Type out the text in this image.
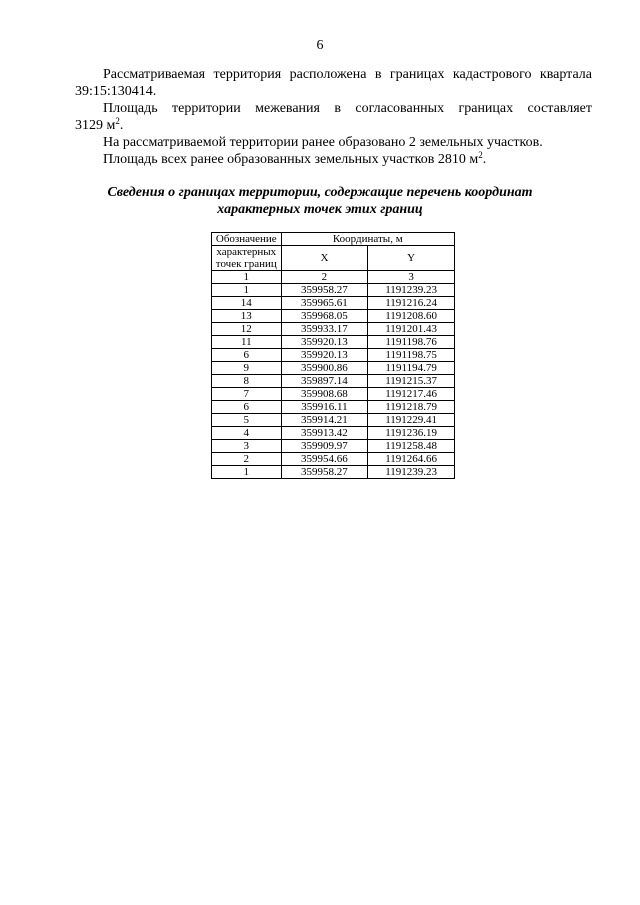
6

Рассматриваемая территория расположена в границах кадастрового квартала

39:15:130414.

Площадь территории межевания в согласованных границах составляет

3129 $м^2$.

На рассматриваемой территории ранее образовано 2 земельных участков.

Площадь всех ранее образованных земельных участков 2810 $м^2$.

Сведения о границах территории, содержащие перечень координат
характерных точек этих границ
Обозначение	Координаты, м	

характерных
точек границ	X	Y
1	2	3
1	359958.27	1191239.23
14	359965.61	1191216.24
13	359968.05	1191208.60
12	359933.17	1191201.43
11	359920.13	1191198.76
6	359920.13	1191198.75
9	359900.86	1191194.79
8	359897.14	1191215.37
7	359908.68	1191217.46
6	359916.11	1191218.79
5	359914.21	1191229.41
4	359913.42	1191236.19
3	359909.97	1191258.48
2	359954.66	1191264.66
1	359958.27	1191239.23
